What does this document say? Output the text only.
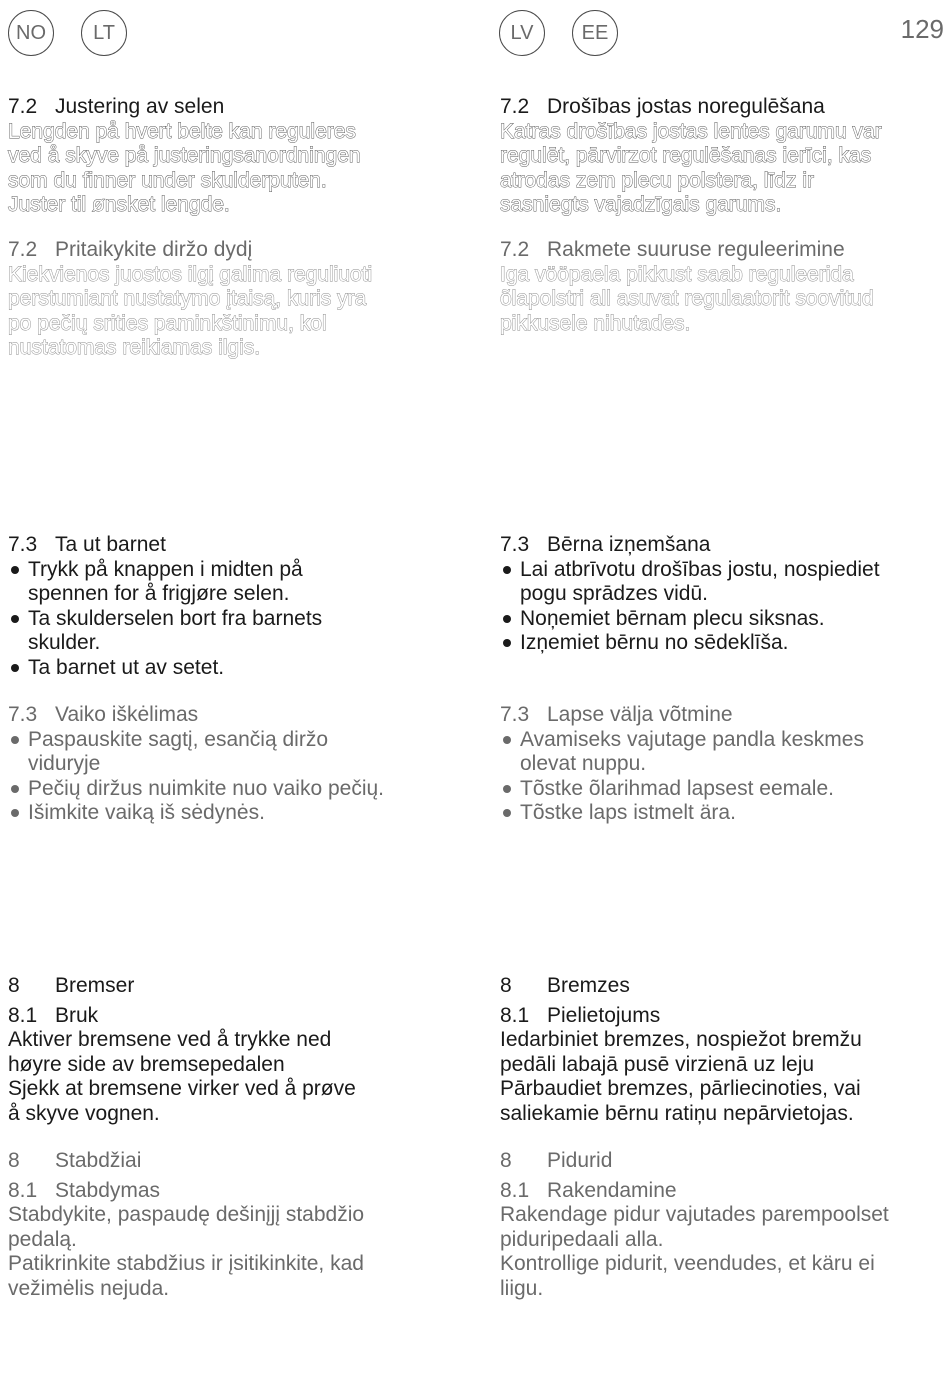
NO	LT	LV	EE	129
7.2 Justering av selen

Lengden på hvert belte kan reguleres

ved å skyve på justeringsanordningen

som du finner under skulderputen.

Juster til ønsket lengde.

7.2 Pritaikykite diržo dydį

Kiekvienos juostos ilgį galima reguliuoti

perstumiant nustatymo įtaisą, kuris yra

po pečių srities paminkštinimu, kol

nustatomas reikiamas ilgis.

7.2 Drošības jostas noregulēšana

Katras drošības jostas lentes garumu var

regulēt, pārvirzot regulēšanas ierīci, kas

atrodas zem plecu polstera, līdz ir

sasniegts vajadzīgais garums.

7.2 Rakmete suuruse reguleerimine

Iga vööpaela pikkust saab reguleerida

õlapolstri all asuvat regulaatorit soovitud

pikkusele nihutades.

7.3 Ta ut barnet
Trykk på knappen i midten på
spennen for å frigjøre selen.
Ta skulderselen bort fra barnets
skulder.
Ta barnet ut av setet.
7.3 Vaiko iškėlimas
Paspauskite sagtį, esančią diržo
viduryje
Pečių diržus nuimkite nuo vaiko pečių.
Išimkite vaiką iš sėdynės.
7.3 Bērna izņemšana
Lai atbrīvotu drošības jostu, nospiediet
pogu sprādzes vidū.
Noņemiet bērnam plecu siksnas.
Izņemiet bērnu no sēdeklīša.
7.3 Lapse välja võtmine
Avamiseks vajutage pandla keskmes
olevat nuppu.
Tõstke õlarihmad lapsest eemale.
Tõstke laps istmelt ära.
8 Bremser
8.1 Bruk

Aktiver bremsene ved å trykke ned

høyre side av bremsepedalen

Sjekk at bremsene virker ved å prøve

å skyve vognen.

8 Stabdžiai
8.1 Stabdymas

Stabdykite, paspaudę dešinįjį stabdžio

pedalą.

Patikrinkite stabdžius ir įsitikinkite, kad

vežimėlis nejuda.

8 Bremzes
8.1 Pielietojums

Iedarbiniet bremzes, nospiežot bremžu

pedāli labajā pusē virzienā uz leju

Pārbaudiet bremzes, pārliecinoties, vai

saliekamie bērnu ratiņu nepārvietojas.

8 Pidurid
8.1 Rakendamine

Rakendage pidur vajutades parempoolset

piduripedaali alla.

Kontrollige pidurit, veendudes, et käru ei

liigu.
